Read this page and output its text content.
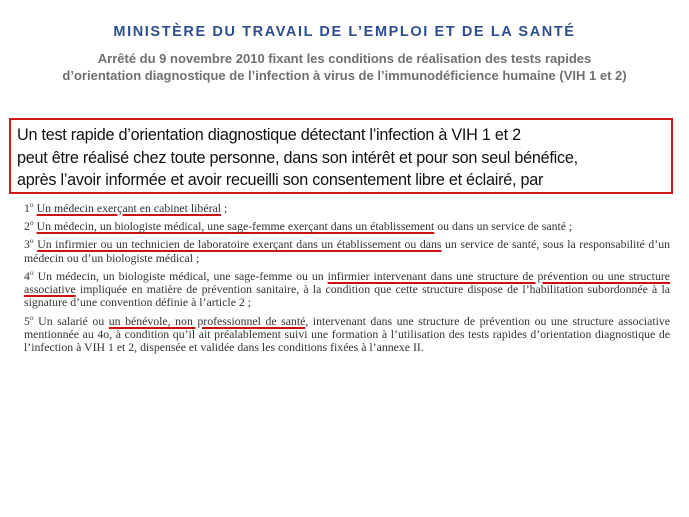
MINISTÈRE DU TRAVAIL DE L’EMPLOI ET DE LA SANTÉ
Arrêté du 9 novembre 2010 fixant les conditions de réalisation des tests rapides
d’orientation diagnostique de l’infection à virus de l’immunodéficience humaine (VIH 1 et 2)
Un test rapide d’orientation diagnostique détectant l’infection à VIH 1 et 2
peut être réalisé chez toute personne, dans son intérêt et pour son seul bénéfice,
après l’avoir informée et avoir recueilli son consentement libre et éclairé, par

1$^o$ Un médecin exerçant en cabinet libéral ;

2$^o$ Un médecin, un biologiste médical, une sage-femme exerçant dans un établissement ou dans un service de santé ;

3$^o$ Un infirmier ou un technicien de laboratoire exerçant dans un établissement ou dans un service de santé, sous la responsabilité d’un médecin ou d’un biologiste médical ;

4$^o$ Un médecin, un biologiste médical, une sage-femme ou un infirmier intervenant dans une structure de prévention ou une structure associative impliquée en matière de prévention sanitaire, à la condition que cette structure dispose de l’habilitation subordonnée à la signature d’une convention définie à l’article 2 ;

5$^o$ Un salarié ou un bénévole, non professionnel de santé, intervenant dans une structure de prévention ou une structure associative mentionnée au 4o, à condition qu’il ait préalablement suivi une formation à l’utilisation des tests rapides d’orientation diagnostique de l’infection à VIH 1 et 2, dispensée et validée dans les conditions fixées à l’annexe II.
